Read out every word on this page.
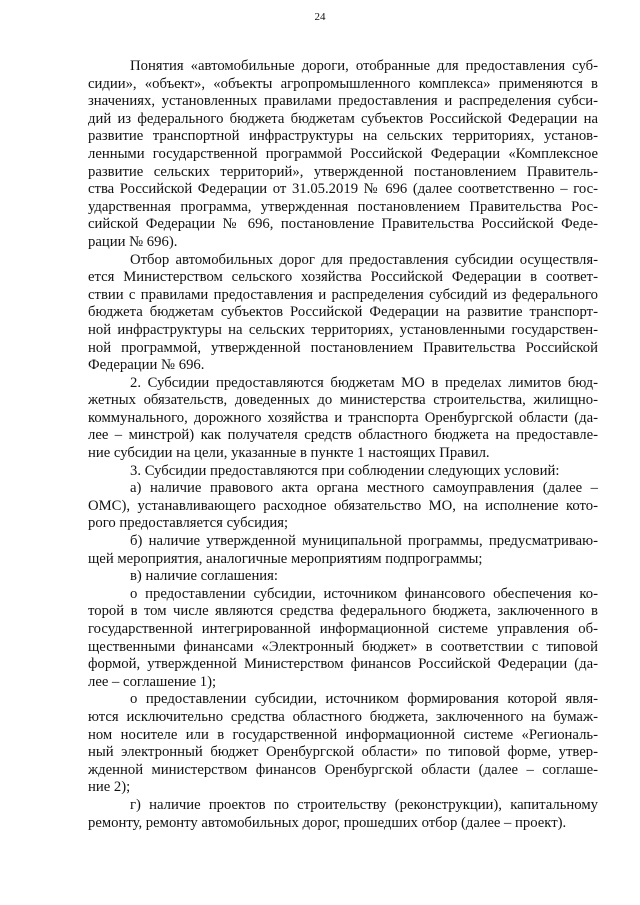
24
Понятия «автомобильные дороги, отобранные для предоставления суб-
сидии», «объект», «объекты агропромышленного комплекса» применяются в
значениях, установленных правилами предоставления и распределения субси-
дий из федерального бюджета бюджетам субъектов Российской Федерации на
развитие транспортной инфраструктуры на сельских территориях, установ-
ленными государственной программой Российской Федерации «Комплексное
развитие сельских территорий», утвержденной постановлением Правитель-
ства Российской Федерации от 31.05.2019 № 696 (далее соответственно – гос-
ударственная программа, утвержденная постановлением Правительства Рос-
сийской Федерации № 696, постановление Правительства Российской Феде-
рации № 696).
Отбор автомобильных дорог для предоставления субсидии осуществля-
ется Министерством сельского хозяйства Российской Федерации в соответ-
ствии с правилами предоставления и распределения субсидий из федерального
бюджета бюджетам субъектов Российской Федерации на развитие транспорт-
ной инфраструктуры на сельских территориях, установленными государствен-
ной программой, утвержденной постановлением Правительства Российской
Федерации № 696.
2. Субсидии предоставляются бюджетам МО в пределах лимитов бюд-
жетных обязательств, доведенных до министерства строительства, жилищно-
коммунального, дорожного хозяйства и транспорта Оренбургской области (да-
лее – минстрой) как получателя средств областного бюджета на предоставле-
ние субсидии на цели, указанные в пункте 1 настоящих Правил.
3. Субсидии предоставляются при соблюдении следующих условий:
а) наличие правового акта органа местного самоуправления (далее –
ОМС), устанавливающего расходное обязательство МО, на исполнение кото-
рого предоставляется субсидия;
б) наличие утвержденной муниципальной программы, предусматриваю-
щей мероприятия, аналогичные мероприятиям подпрограммы;
в) наличие соглашения:
о предоставлении субсидии, источником финансового обеспечения ко-
торой в том числе являются средства федерального бюджета, заключенного в
государственной интегрированной информационной системе управления об-
щественными финансами «Электронный бюджет» в соответствии с типовой
формой, утвержденной Министерством финансов Российской Федерации (да-
лее – соглашение 1);
о предоставлении субсидии, источником формирования которой явля-
ются исключительно средства областного бюджета, заключенного на бумаж-
ном носителе или в государственной информационной системе «Региональ-
ный электронный бюджет Оренбургской области» по типовой форме, утвер-
жденной министерством финансов Оренбургской области (далее – соглаше-
ние 2);
г) наличие проектов по строительству (реконструкции), капитальному
ремонту, ремонту автомобильных дорог, прошедших отбор (далее – проект).
